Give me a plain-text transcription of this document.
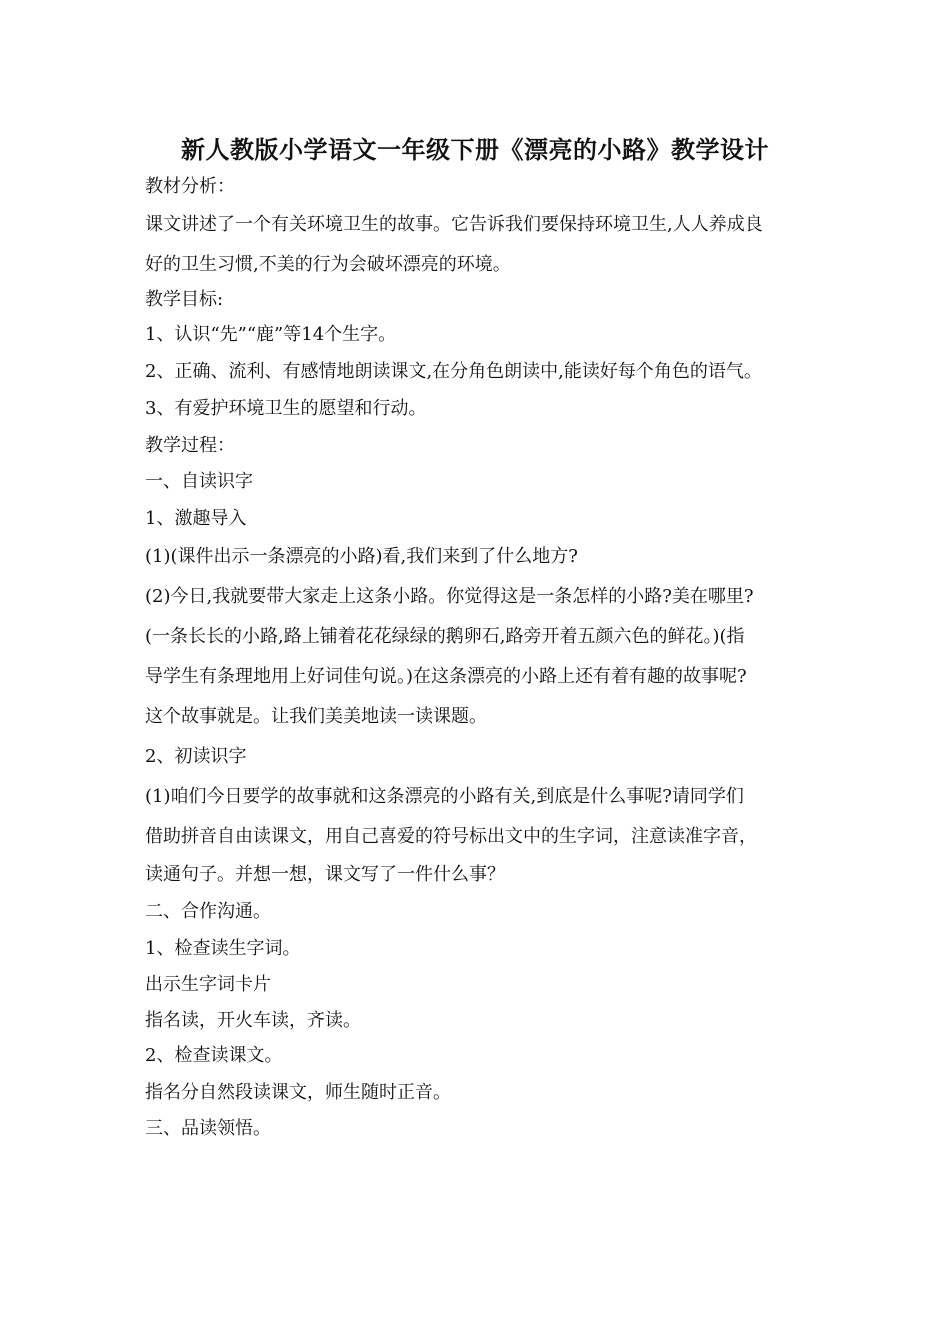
新人教版小学语文一年级下册《漂亮的小路》教学设计
教材分析：
课文讲述了一个有关环境卫生的故事。它告诉我们要保持环境卫生,人人养成良
好的卫生习惯,不美的行为会破坏漂亮的环境。
教学目标:
1、认识“先”“鹿”等14个生字。
2、正确、流利、有感情地朗读课文,在分角色朗读中,能读好每个角色的语气。
3、有爱护环境卫生的愿望和行动。
教学过程：
一、自读识字
1、激趣导入
(1)(课件出示一条漂亮的小路)看,我们来到了什么地方?
(2)今日,我就要带大家走上这条小路。你觉得这是一条怎样的小路?美在哪里?
(一条长长的小路,路上铺着花花绿绿的鹅卵石,路旁开着五颜六色的鲜花。)(指
导学生有条理地用上好词佳句说。)在这条漂亮的小路上还有着有趣的故事呢?
这个故事就是。让我们美美地读一读课题。
2、初读识字
(1)咱们今日要学的故事就和这条漂亮的小路有关,到底是什么事呢?请同学们
借助拼音自由读课文，用自己喜爱的符号标出文中的生字词，注意读准字音，
读通句子。并想一想，课文写了一件什么事？
二、合作沟通。
1、检查读生字词。
出示生字词卡片
指名读，开火车读，齐读。
2、检查读课文。
指名分自然段读课文，师生随时正音。
三、品读领悟。
